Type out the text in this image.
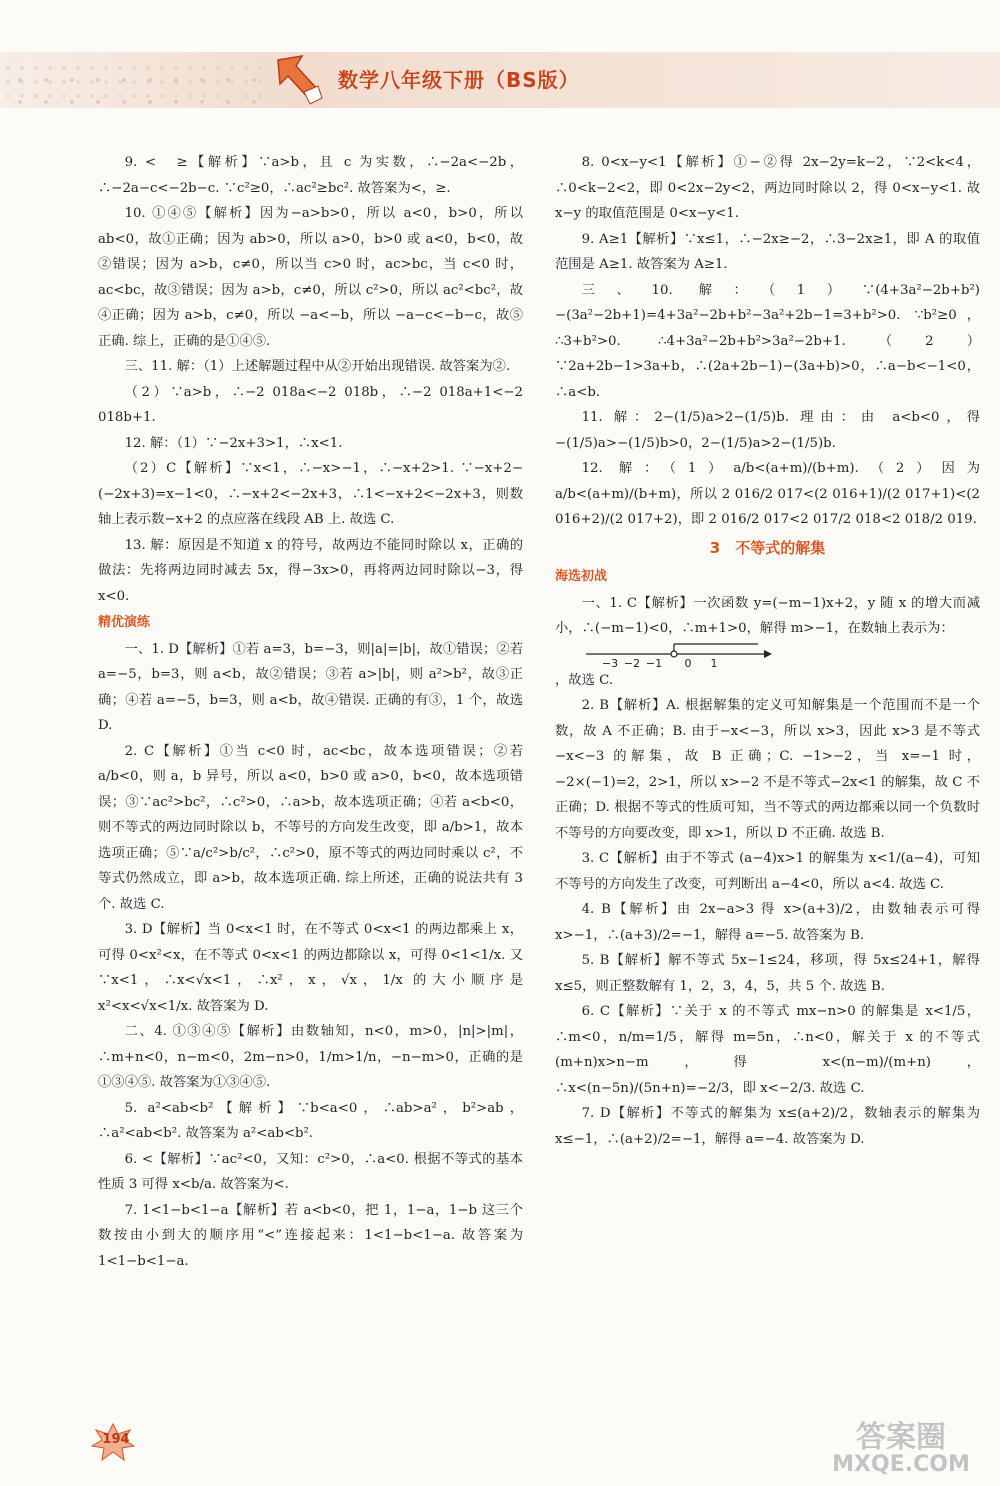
数学八年级下册（BS版）

9. <　≥【解析】∵a>b，且 c 为实数，∴−2a<−2b，∴−2a−c<−2b−c. ∵c²≥0，∴ac²≥bc². 故答案为<，≥.

10. ①④⑤【解析】因为−a>b>0，所以 a<0，b>0，所以 ab<0，故①正确；因为 ab>0，所以 a>0，b>0 或 a<0，b<0，故②错误；因为 a>b，c≠0，所以当 c>0 时，ac>bc，当 c<0 时，ac<bc，故③错误；因为 a>b，c≠0，所以 c²>0，所以 ac²<bc²，故④正确；因为 a>b，c≠0，所以 −a<−b，所以 −a−c<−b−c，故⑤正确. 综上，正确的是①④⑤.

三、11. 解：（1）上述解题过程中从②开始出现错误. 故答案为②.

（2）∵a>b，∴−2 018a<−2 018b，∴−2 018a+1<−2 018b+1.

12. 解：（1）∵−2x+3>1，∴x<1.

（2）C【解析】∵x<1，∴−x>−1，∴−x+2>1. ∵−x+2−(−2x+3)=x−1<0，∴−x+2<−2x+3，∴1<−x+2<−2x+3，则数轴上表示数−x+2 的点应落在线段 AB 上. 故选 C.

13. 解：原因是不知道 x 的符号，故两边不能同时除以 x，正确的做法：先将两边同时减去 5x，得−3x>0，再将两边同时除以−3，得 x<0.

精优演练

一、1. D【解析】①若 a=3，b=−3，则|a|=|b|，故①错误；②若 a=−5，b=3，则 a<b，故②错误；③若 a>|b|，则 a²>b²，故③正确；④若 a=−5，b=3，则 a<b，故④错误. 正确的有③，1 个，故选 D.

2. C【解析】①当 c<0 时，ac<bc，故本选项错误；②若 a/b<0，则 a，b 异号，所以 a<0，b>0 或 a>0，b<0，故本选项错误；③∵ac²>bc²，∴c²>0，∴a>b，故本选项正确；④若 a<b<0，则不等式的两边同时除以 b，不等号的方向发生改变，即 a/b>1，故本选项正确；⑤∵a/c²>b/c²，∴c²>0，原不等式的两边同时乘以 c²，不等式仍然成立，即 a>b，故本选项正确. 综上所述，正确的说法共有 3 个. 故选 C.

3. D【解析】当 0<x<1 时，在不等式 0<x<1 的两边都乘上 x，可得 0<x²<x，在不等式 0<x<1 的两边都除以 x，可得 0<1<1/x. 又∵x<1，∴x<√x<1，∴x²，x，√x，1/x 的大小顺序是 x²<x<√x<1/x. 故答案为 D.

二、4. ①③④⑤【解析】由数轴知，n<0，m>0，|n|>|m|，∴m+n<0，n−m<0，2m−n>0，1/m>1/n，−n−m>0，正确的是①③④⑤. 故答案为①③④⑤.

5. a²<ab<b²【解析】∵b<a<0，∴ab>a²，b²>ab，∴a²<ab<b². 故答案为 a²<ab<b².

6. <【解析】∵ac²<0，又知：c²>0，∴a<0. 根据不等式的基本性质 3 可得 x<b/a. 故答案为<.

7. 1<1−b<1−a【解析】若 a<b<0，把 1，1−a，1−b 这三个数按由小到大的顺序用“<”连接起来：1<1−b<1−a. 故答案为 1<1−b<1−a.

8. 0<x−y<1【解析】①−②得 2x−2y=k−2，∵2<k<4，∴0<k−2<2，即 0<2x−2y<2，两边同时除以 2，得 0<x−y<1. 故 x−y 的取值范围是 0<x−y<1.

9. A≥1【解析】∵x≤1，∴−2x≥−2，∴3−2x≥1，即 A 的取值范围是 A≥1. 故答案为 A≥1.

三、10. 解：（1）∵(4+3a²−2b+b²)−(3a²−2b+1)=4+3a²−2b+b²−3a²+2b−1=3+b²>0. ∵b²≥0，∴3+b²>0. ∴4+3a²−2b+b²>3a²−2b+1.（2）∵2a+2b−1>3a+b，∴(2a+2b−1)−(3a+b)>0，∴a−b<−1<0，∴a<b.

11. 解：2−(1/5)a>2−(1/5)b. 理由：由 a<b<0，得−(1/5)a>−(1/5)b>0，2−(1/5)a>2−(1/5)b.

12. 解：（1）a/b<(a+m)/(b+m).（2）因为 a/b<(a+m)/(b+m)，所以 2 016/2 017<(2 016+1)/(2 017+1)<(2 016+2)/(2 017+2)，即 2 016/2 017<2 017/2 018<2 018/2 019.

3　不等式的解集
海选初战

一、1. C【解析】一次函数 y=(−m−1)x+2，y 随 x 的增大而减小，∴(−m−1)<0，∴m+1>0，解得 m>−1，在数轴上表示为：

−3 −2 −1 0 1

，故选 C.

2. B【解析】A. 根据解集的定义可知解集是一个范围而不是一个数，故 A 不正确；B. 由于−x<−3，所以 x>3，因此 x>3 是不等式−x<−3 的解集，故 B 正确；C. −1>−2，当 x=−1 时，−2×(−1)=2，2>1，所以 x>−2 不是不等式−2x<1 的解集，故 C 不正确；D. 根据不等式的性质可知，当不等式的两边都乘以同一个负数时不等号的方向要改变，即 x>1，所以 D 不正确. 故选 B.

3. C【解析】由于不等式 (a−4)x>1 的解集为 x<1/(a−4)，可知不等号的方向发生了改变，可判断出 a−4<0，所以 a<4. 故选 C.

4. B【解析】由 2x−a>3 得 x>(a+3)/2，由数轴表示可得 x>−1，∴(a+3)/2=−1，解得 a=−5. 故答案为 B.

5. B【解析】解不等式 5x−1≤24，移项，得 5x≤24+1，解得 x≤5，则正整数解有 1，2，3，4，5，共 5 个. 故选 B.

6. C【解析】∵关于 x 的不等式 mx−n>0 的解集是 x<1/5，∴m<0，n/m=1/5，解得 m=5n，∴n<0，解关于 x 的不等式 (m+n)x>n−m，得 x<(n−m)/(m+n)，∴x<(n−5n)/(5n+n)=−2/3，即 x<−2/3. 故选 C.

7. D【解析】不等式的解集为 x≤(a+2)/2，数轴表示的解集为 x≤−1，∴(a+2)/2=−1，解得 a=−4. 故答案为 D.

194	答案圈
MXQE.COM
